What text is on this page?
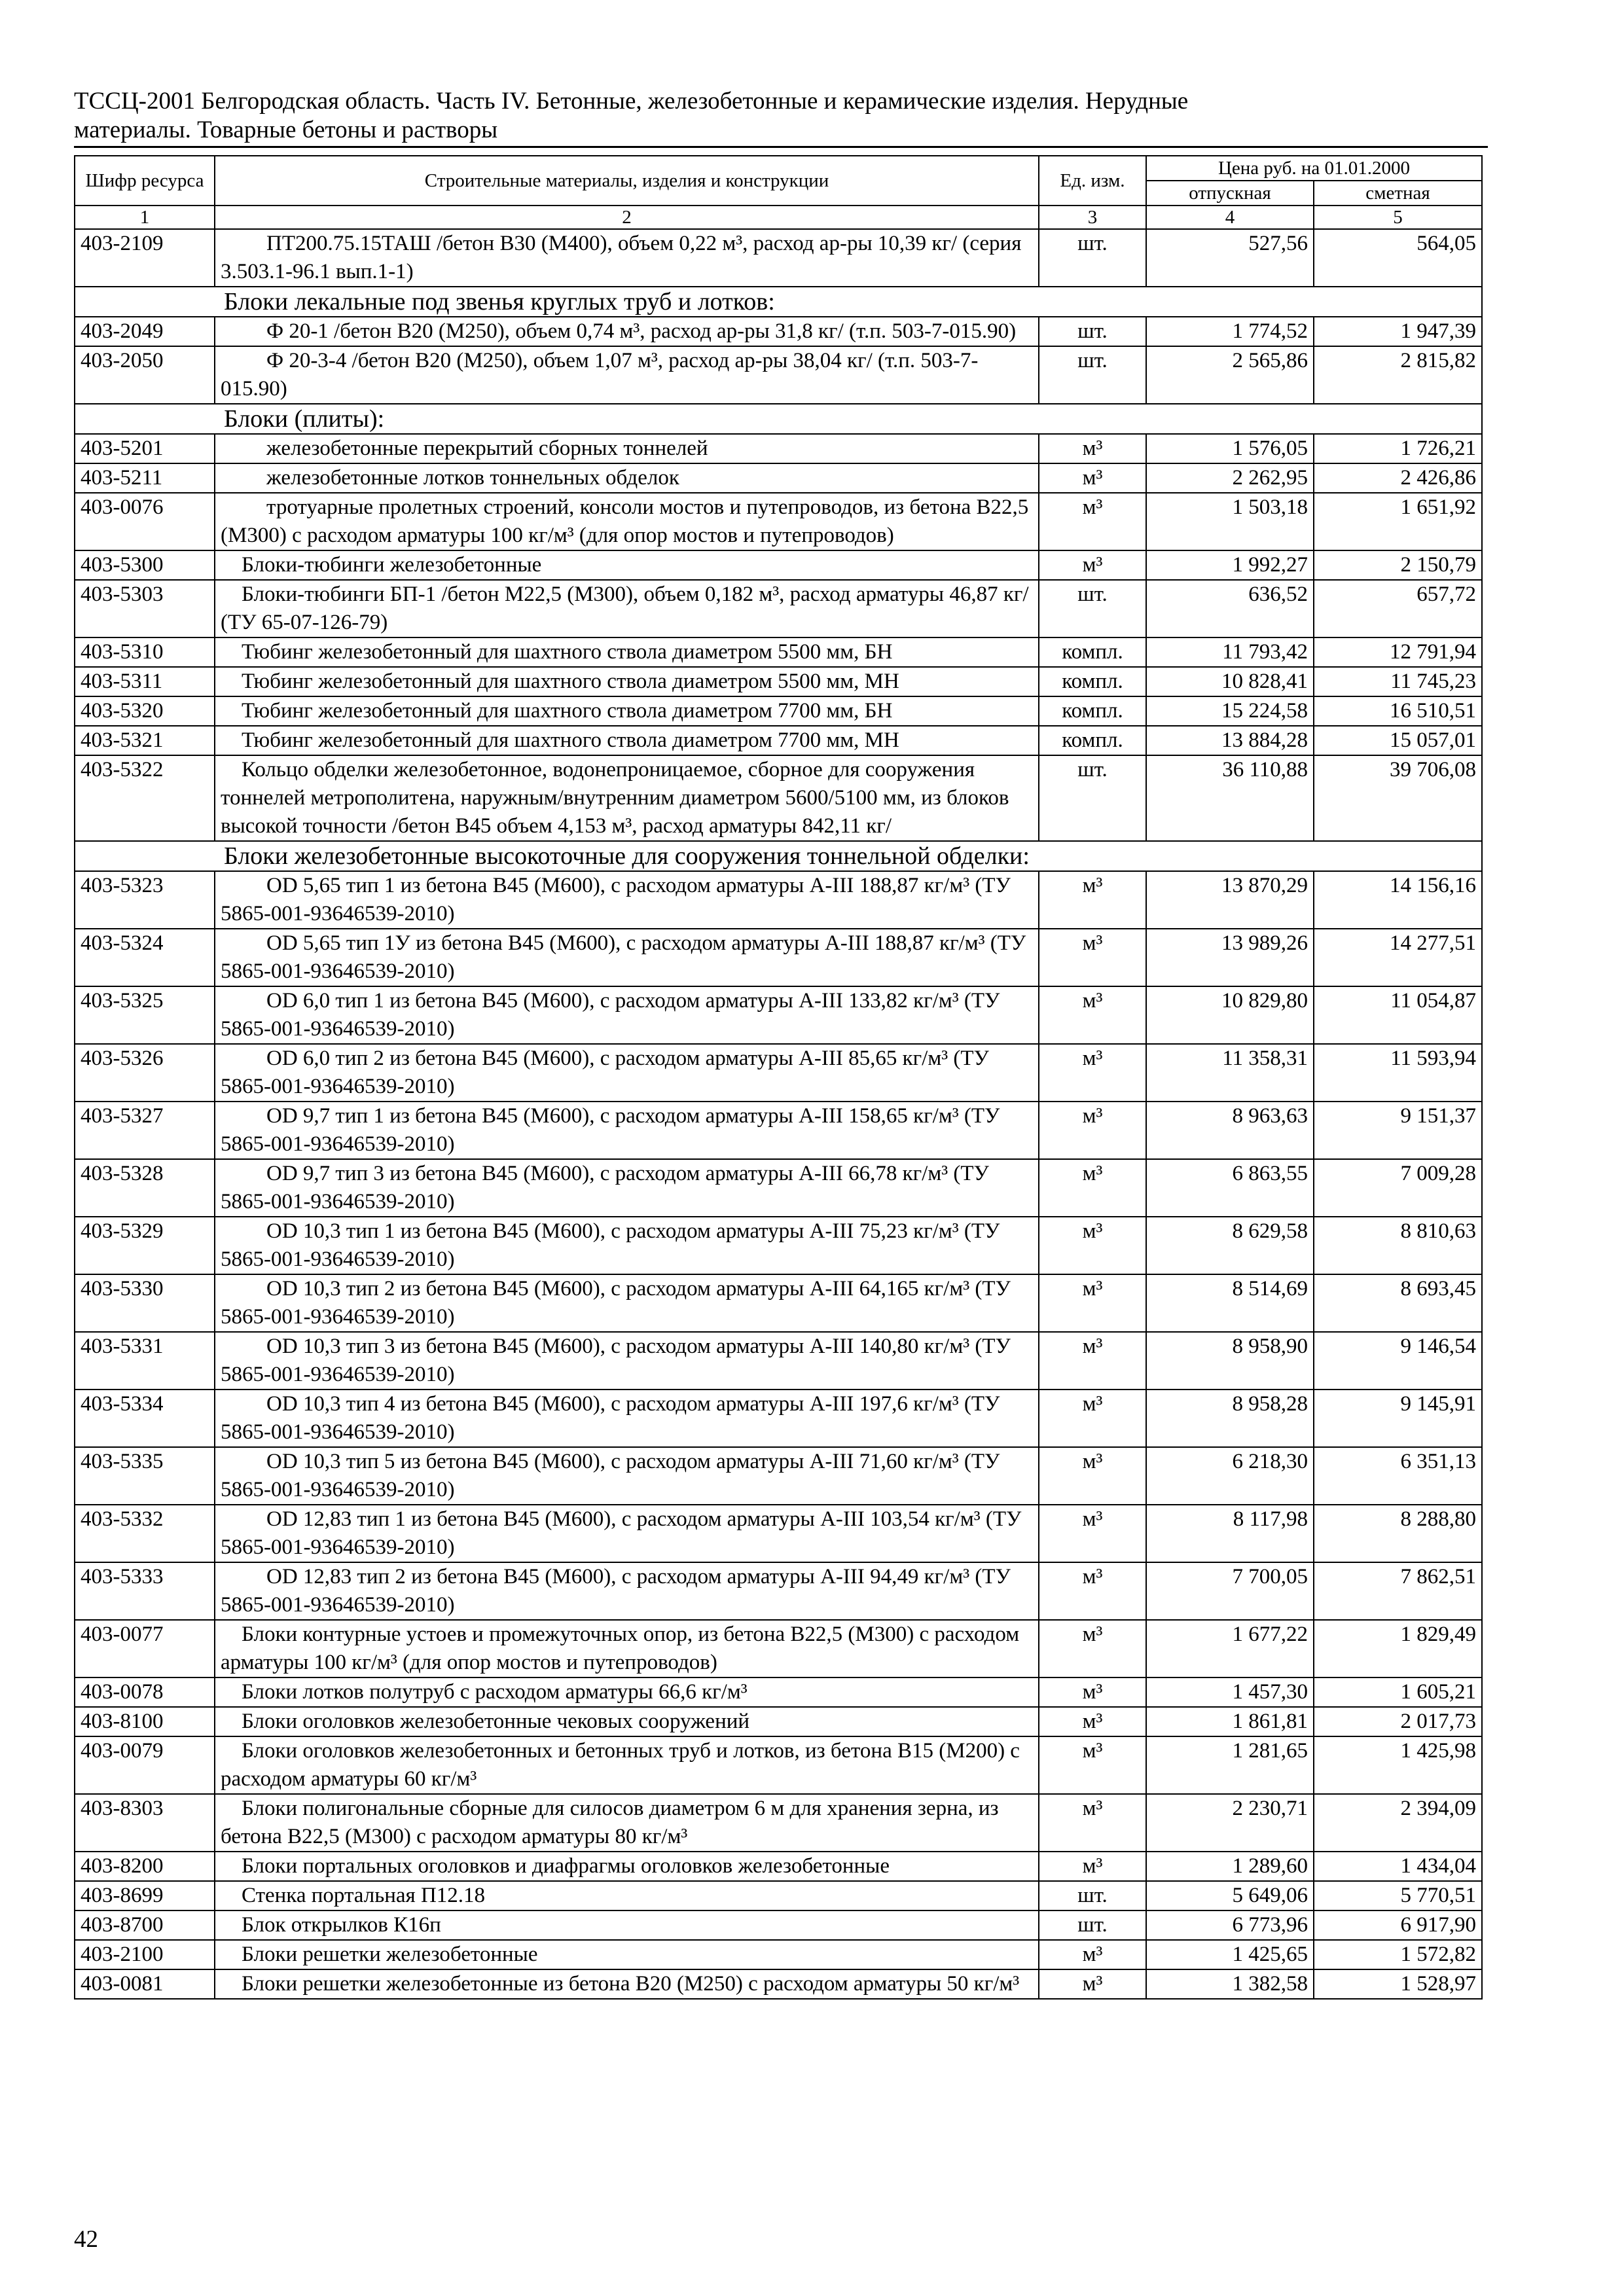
ТССЦ-2001 Белгородская область. Часть IV. Бетонные, железобетонные и керамические изделия. Нерудные
материалы. Товарные бетоны и растворы
Шифр ресурса	Строительные материалы, изделия и конструкции	Ед. изм.	Цена руб. на 01.01.2000	
			отпускная	сметная
1	2	3	4	5
403-2109	ПТ200.75.15ТАШ /бетон В30 (М400), объем 0,22 м³, расход ар-ры 10,39 кг/ (серия 3.503.1-96.1 вып.1-1)	шт.	527,56	564,05
Блоки лекальные под звенья круглых труб и лотков:				
403-2049	Ф 20-1 /бетон В20 (М250), объем 0,74 м³, расход ар-ры 31,8 кг/ (т.п. 503-7-015.90)	шт.	1 774,52	1 947,39
403-2050	Ф 20-3-4 /бетон В20 (М250), объем 1,07 м³, расход ар-ры 38,04 кг/ (т.п. 503-7-015.90)	шт.	2 565,86	2 815,82
Блоки (плиты):				
403-5201	железобетонные перекрытий сборных тоннелей	м³	1 576,05	1 726,21
403-5211	железобетонные лотков тоннельных обделок	м³	2 262,95	2 426,86
403-0076	тротуарные пролетных строений, консоли мостов и путепроводов, из бетона В22,5 (М300) с расходом арматуры 100 кг/м³ (для опор мостов и путепроводов)	м³	1 503,18	1 651,92
403-5300	Блоки-тюбинги железобетонные	м³	1 992,27	2 150,79
403-5303	Блоки-тюбинги БП-1 /бетон М22,5 (М300), объем 0,182 м³, расход арматуры 46,87 кг/ (ТУ 65-07-126-79)	шт.	636,52	657,72
403-5310	Тюбинг железобетонный для шахтного ствола диаметром 5500 мм, БН	компл.	11 793,42	12 791,94
403-5311	Тюбинг железобетонный для шахтного ствола диаметром 5500 мм, МН	компл.	10 828,41	11 745,23
403-5320	Тюбинг железобетонный для шахтного ствола диаметром 7700 мм, БН	компл.	15 224,58	16 510,51
403-5321	Тюбинг железобетонный для шахтного ствола диаметром 7700 мм, МН	компл.	13 884,28	15 057,01
403-5322	Кольцо обделки железобетонное, водонепроницаемое, сборное для сооружения тоннелей метрополитена, наружным/внутренним диаметром 5600/5100 мм, из блоков высокой точности /бетон В45 объем 4,153 м³, расход арматуры 842,11 кг/	шт.	36 110,88	39 706,08
Блоки железобетонные высокоточные для сооружения тоннельной обделки:				
403-5323	OD 5,65 тип 1 из бетона В45 (М600), с расходом арматуры А-III 188,87 кг/м³ (ТУ 5865-001-93646539-2010)	м³	13 870,29	14 156,16
403-5324	OD 5,65 тип 1У из бетона В45 (М600), с расходом арматуры А-III 188,87 кг/м³ (ТУ 5865-001-93646539-2010)	м³	13 989,26	14 277,51
403-5325	OD 6,0 тип 1 из бетона В45 (М600), с расходом арматуры А-III 133,82 кг/м³ (ТУ 5865-001-93646539-2010)	м³	10 829,80	11 054,87
403-5326	OD 6,0 тип 2 из бетона В45 (М600), с расходом арматуры А-III 85,65 кг/м³ (ТУ 5865-001-93646539-2010)	м³	11 358,31	11 593,94
403-5327	OD 9,7 тип 1 из бетона В45 (М600), с расходом арматуры А-III 158,65 кг/м³ (ТУ 5865-001-93646539-2010)	м³	8 963,63	9 151,37
403-5328	OD 9,7 тип 3 из бетона В45 (М600), с расходом арматуры А-III 66,78 кг/м³ (ТУ 5865-001-93646539-2010)	м³	6 863,55	7 009,28
403-5329	OD 10,3 тип 1 из бетона В45 (М600), с расходом арматуры А-III 75,23 кг/м³ (ТУ 5865-001-93646539-2010)	м³	8 629,58	8 810,63
403-5330	OD 10,3 тип 2 из бетона В45 (М600), с расходом арматуры А-III 64,165 кг/м³ (ТУ 5865-001-93646539-2010)	м³	8 514,69	8 693,45
403-5331	OD 10,3 тип 3 из бетона В45 (М600), с расходом арматуры А-III 140,80 кг/м³ (ТУ 5865-001-93646539-2010)	м³	8 958,90	9 146,54
403-5334	OD 10,3 тип 4 из бетона В45 (М600), с расходом арматуры А-III 197,6 кг/м³ (ТУ 5865-001-93646539-2010)	м³	8 958,28	9 145,91
403-5335	OD 10,3 тип 5 из бетона В45 (М600), с расходом арматуры А-III 71,60 кг/м³ (ТУ 5865-001-93646539-2010)	м³	6 218,30	6 351,13
403-5332	OD 12,83 тип 1 из бетона В45 (М600), с расходом арматуры А-III 103,54 кг/м³ (ТУ 5865-001-93646539-2010)	м³	8 117,98	8 288,80
403-5333	OD 12,83 тип 2 из бетона В45 (М600), с расходом арматуры А-III 94,49 кг/м³ (ТУ 5865-001-93646539-2010)	м³	7 700,05	7 862,51
403-0077	Блоки контурные устоев и промежуточных опор, из бетона В22,5 (М300) с расходом арматуры 100 кг/м³ (для опор мостов и путепроводов)	м³	1 677,22	1 829,49
403-0078	Блоки лотков полутруб с расходом арматуры 66,6 кг/м³	м³	1 457,30	1 605,21
403-8100	Блоки оголовков железобетонные чековых сооружений	м³	1 861,81	2 017,73
403-0079	Блоки оголовков железобетонных и бетонных труб и лотков, из бетона В15 (М200) с расходом арматуры 60 кг/м³	м³	1 281,65	1 425,98
403-8303	Блоки полигональные сборные для силосов диаметром 6 м для хранения зерна, из бетона В22,5 (М300) с расходом арматуры 80 кг/м³	м³	2 230,71	2 394,09
403-8200	Блоки портальных оголовков и диафрагмы оголовков железобетонные	м³	1 289,60	1 434,04
403-8699	Стенка портальная П12.18	шт.	5 649,06	5 770,51
403-8700	Блок открылков К16п	шт.	6 773,96	6 917,90
403-2100	Блоки решетки железобетонные	м³	1 425,65	1 572,82
403-0081	Блоки решетки железобетонные из бетона В20 (М250) с расходом арматуры 50 кг/м³	м³	1 382,58	1 528,97
42
